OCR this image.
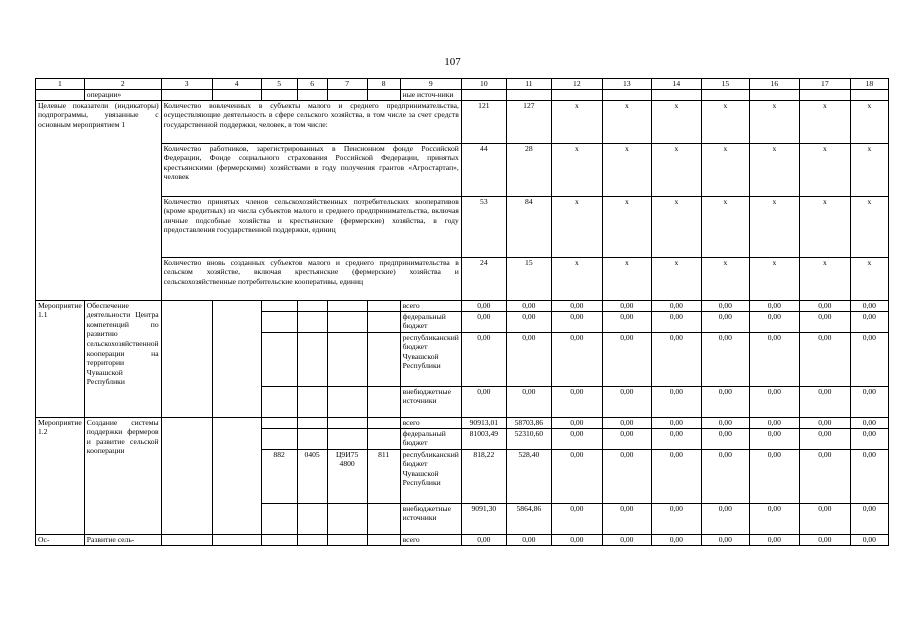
107
1	2	3	4	5	6	7	8	9	10	11	12	13	14	15	16	17	18
	операции»							ные источ-ники									
Целевые показатели (индикаторы) подпрограммы, увязанные с основным мероприятием 1		Количество вовлеченных в субъекты малого и среднего предпринимательства, осуществляющие деятельность в сфере сельского хозяйства, в том числе за счет средств государственной поддержки, человек, в том числе:							121	127	x	x	x	x	x	x	x
		Количество работников, зарегистрированных в Пенсионном фонде Российской Федерации, Фонде социального страхования Российской Федерации, принятых крестьянскими (фермерскими) хозяйствами в году получения грантов «Агростартап», человек							44	28	x	x	x	x	x	x	x
		Количество принятых членов сельскохозяйственных потребительских кооперативов (кроме кредитных) из числа субъектов малого и среднего предпринимательства, включая личные подсобные хозяйства и крестьянские (фермерские) хозяйства, в году предоставления государственной поддержки, единиц							53	84	x	x	x	x	x	x	x
		Количество вновь созданных субъектов малого и среднего предпринимательства в сельском хозяйстве, включая крестьянские (фермерские) хозяйства и сельскохозяйственные потребительские кооперативы, единиц							24	15	x	x	x	x	x	x	x
Мероприятие 1.1	Обеспечение деятельности Центра компетенций по развитию сельскохозяйственной кооперации на территории Чувашской Республики							всего	0,00	0,00	0,00	0,00	0,00	0,00	0,00	0,00	0,00
								федеральный бюджет	0,00	0,00	0,00	0,00	0,00	0,00	0,00	0,00	0,00
								республиканский бюджет Чувашской Республики	0,00	0,00	0,00	0,00	0,00	0,00	0,00	0,00	0,00
								внебюджетные источники	0,00	0,00	0,00	0,00	0,00	0,00	0,00	0,00	0,00
Мероприятие 1.2	Создание системы поддержки фермеров и развитие сельской кооперации							всего	90913,01	58703,86	0,00	0,00	0,00	0,00	0,00	0,00	0,00
								федеральный бюджет	81003,49	52310,60	0,00	0,00	0,00	0,00	0,00	0,00	0,00
				882	0405	Ц9И75 4800	811	республиканский бюджет Чувашской Республики	818,22	528,40	0,00	0,00	0,00	0,00	0,00	0,00	0,00
								внебюджетные источники	9091,30	5864,86	0,00	0,00	0,00	0,00	0,00	0,00	0,00
Ос-	Развитие сель-							всего	0,00	0,00	0,00	0,00	0,00	0,00	0,00	0,00	0,00
